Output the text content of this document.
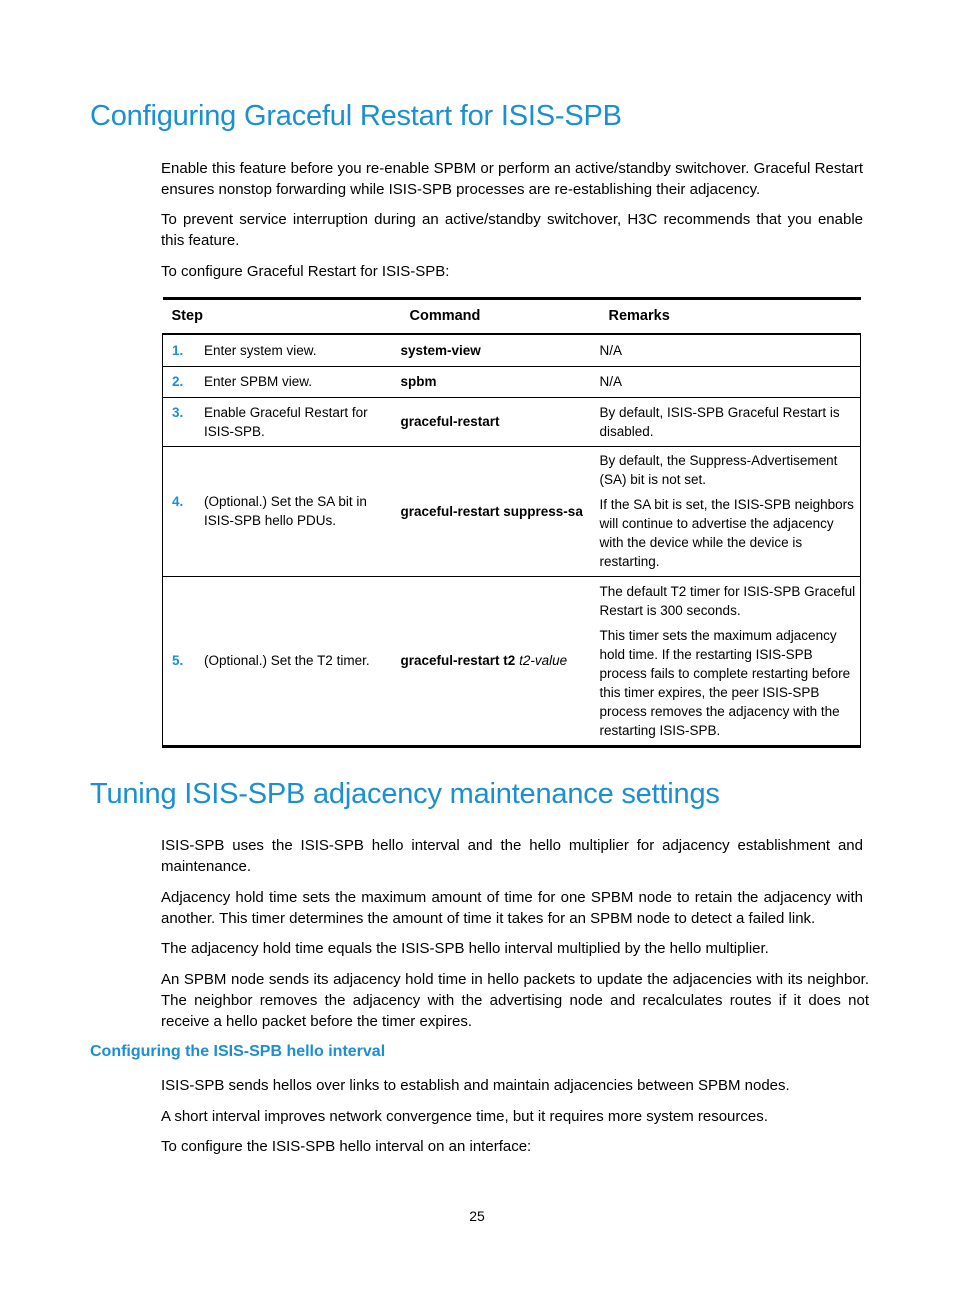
Configuring Graceful Restart for ISIS-SPB

Enable this feature before you re-enable SPBM or perform an active/standby switchover. Graceful Restart ensures nonstop forwarding while ISIS-SPB processes are re-establishing their adjacency.

To prevent service interruption during an active/standby switchover, H3C recommends that you enable this feature.

To configure Graceful Restart for ISIS-SPB:

Step	Command	Remarks
1. Enter system view.	system-view	N/A

2. Enter SPBM view.	spbm	N/A

3. Enable Graceful Restart for ISIS-SPB.	graceful-restart	By default, ISIS-SPB Graceful Restart is disabled.

4. (Optional.) Set the SA bit in ISIS-SPB hello PDUs.	graceful-restart suppress-sa	By default, the Suppress-Advertisement (SA) bit is not set.

If the SA bit is set, the ISIS-SPB neighbors will continue to advertise the adjacency with the device while the device is restarting.

5. (Optional.) Set the T2 timer.	graceful-restart t2 t2-value	The default T2 timer for ISIS-SPB Graceful Restart is 300 seconds.

This timer sets the maximum adjacency hold time. If the restarting ISIS-SPB process fails to complete restarting before this timer expires, the peer ISIS-SPB process removes the adjacency with the restarting ISIS-SPB.

Tuning ISIS-SPB adjacency maintenance settings

ISIS-SPB uses the ISIS-SPB hello interval and the hello multiplier for adjacency establishment and maintenance.

Adjacency hold time sets the maximum amount of time for one SPBM node to retain the adjacency with another. This timer determines the amount of time it takes for an SPBM node to detect a failed link.

The adjacency hold time equals the ISIS-SPB hello interval multiplied by the hello multiplier.

An SPBM node sends its adjacency hold time in hello packets to update the adjacencies with its neighbor. The neighbor removes the adjacency with the advertising node and recalculates routes if it does not receive a hello packet before the timer expires.

Configuring the ISIS-SPB hello interval

ISIS-SPB sends hellos over links to establish and maintain adjacencies between SPBM nodes.

A short interval improves network convergence time, but it requires more system resources.

To configure the ISIS-SPB hello interval on an interface:

25
